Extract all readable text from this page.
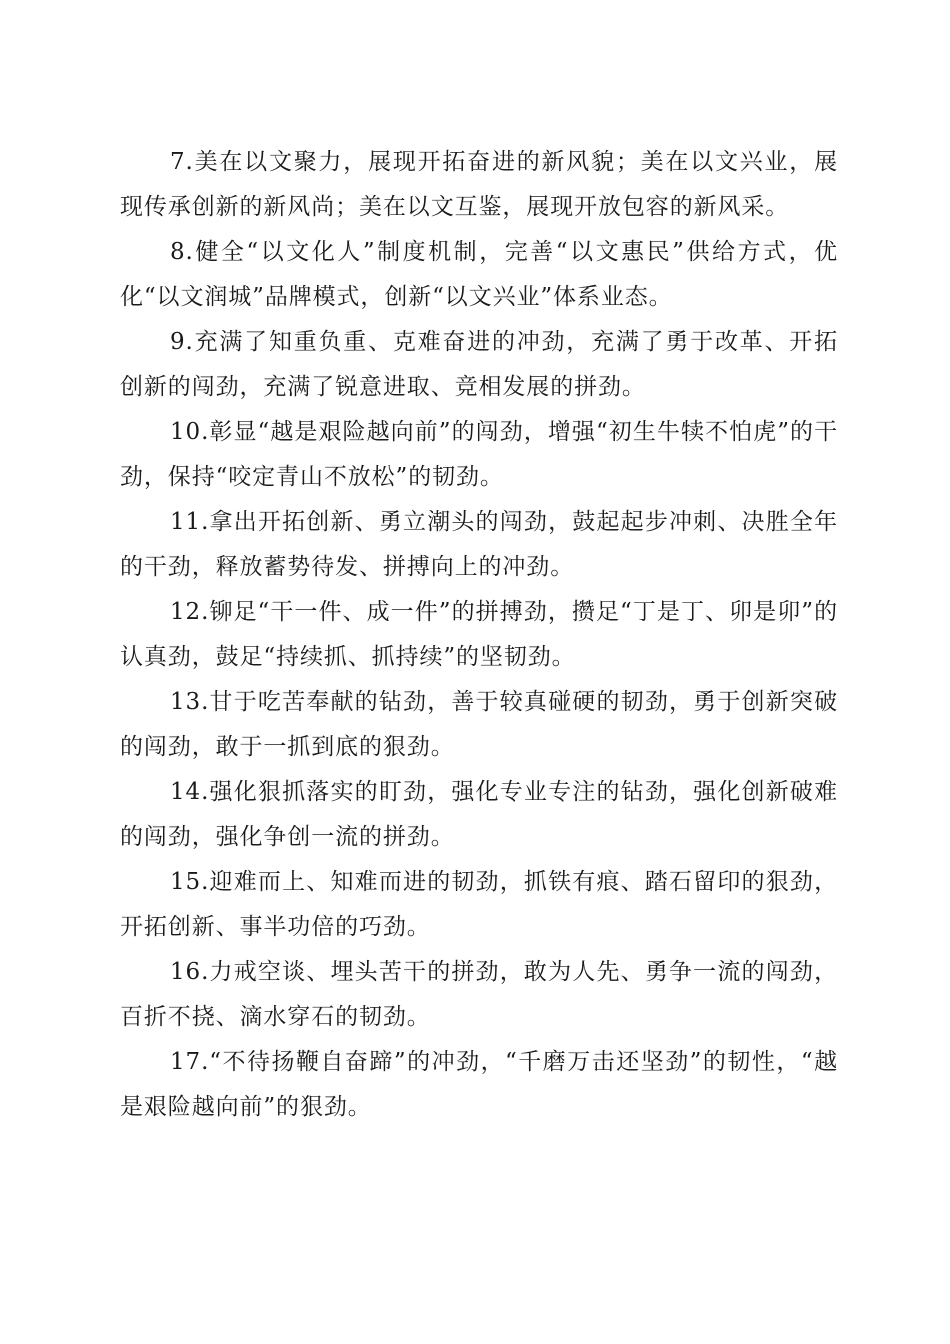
7.美在以文聚力，展现开拓奋进的新风貌；美在以文兴业，展现传承创新的新风尚；美在以文互鉴，展现开放包容的新风采。

8.健全“以文化人”制度机制，完善“以文惠民”供给方式，优化“以文润城”品牌模式，创新“以文兴业”体系业态。

9.充满了知重负重、克难奋进的冲劲，充满了勇于改革、开拓创新的闯劲，充满了锐意进取、竞相发展的拼劲。

10.彰显“越是艰险越向前”的闯劲，增强“初生牛犊不怕虎”的干劲，保持“咬定青山不放松”的韧劲。

11.拿出开拓创新、勇立潮头的闯劲，鼓起起步冲刺、决胜全年的干劲，释放蓄势待发、拼搏向上的冲劲。

12.铆足“干一件、成一件”的拼搏劲，攒足“丁是丁、卯是卯”的认真劲，鼓足“持续抓、抓持续”的坚韧劲。

13.甘于吃苦奉献的钻劲，善于较真碰硬的韧劲，勇于创新突破的闯劲，敢于一抓到底的狠劲。

14.强化狠抓落实的盯劲，强化专业专注的钻劲，强化创新破难的闯劲，强化争创一流的拼劲。

15.迎难而上、知难而进的韧劲，抓铁有痕、踏石留印的狠劲，开拓创新、事半功倍的巧劲。

16.力戒空谈、埋头苦干的拼劲，敢为人先、勇争一流的闯劲，百折不挠、滴水穿石的韧劲。

17.“不待扬鞭自奋蹄”的冲劲，“千磨万击还坚劲”的韧性，“越是艰险越向前”的狠劲。
